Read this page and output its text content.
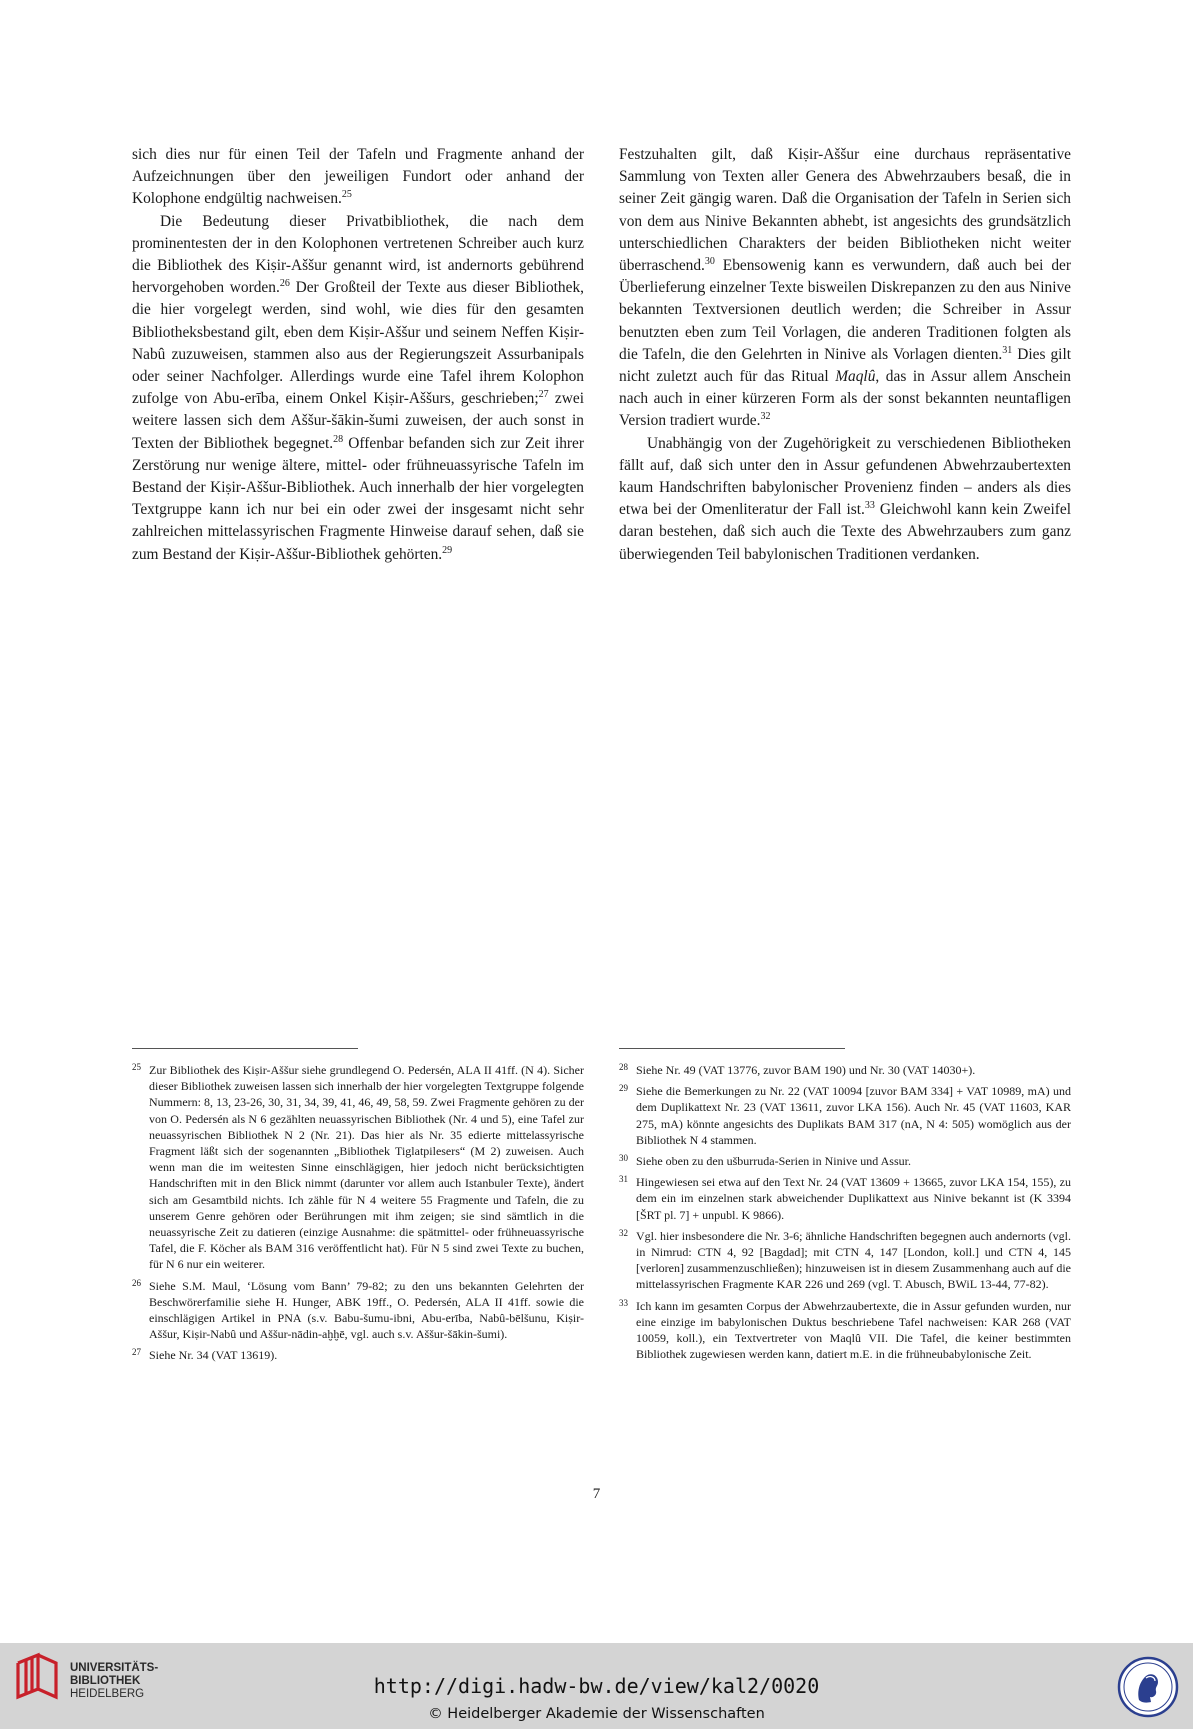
sich dies nur für einen Teil der Tafeln und Fragmente anhand der Aufzeichnungen über den jeweiligen Fundort oder anhand der Kolophone endgültig nachweisen.$^{25}$

Die Bedeutung dieser Privatbibliothek, die nach dem prominentesten der in den Kolophonen vertretenen Schreiber auch kurz die Bibliothek des Kiṣir-Aššur genannt wird, ist andernorts gebührend hervorgehoben worden.$^{26}$ Der Großteil der Texte aus dieser Bibliothek, die hier vorgelegt werden, sind wohl, wie dies für den gesamten Bibliotheksbestand gilt, eben dem Kiṣir-Aššur und seinem Neffen Kiṣir-Nabû zuzuweisen, stammen also aus der Regierungszeit Assurbanipals oder seiner Nachfolger. Allerdings wurde eine Tafel ihrem Kolophon zufolge von Abu-erība, einem Onkel Kiṣir-Aššurs, geschrieben;$^{27}$ zwei weitere lassen sich dem Aššur-šākin-šumi zuweisen, der auch sonst in Texten der Bibliothek begegnet.$^{28}$ Offenbar befanden sich zur Zeit ihrer Zerstörung nur wenige ältere, mittel- oder frühneuassyrische Tafeln im Bestand der Kiṣir-Aššur-Bibliothek. Auch innerhalb der hier vorgelegten Textgruppe kann ich nur bei ein oder zwei der insgesamt nicht sehr zahlreichen mittelassyrischen Fragmente Hinweise darauf sehen, daß sie zum Bestand der Kiṣir-Aššur-Bibliothek gehörten.$^{29}$

Festzuhalten gilt, daß Kiṣir-Aššur eine durchaus repräsentative Sammlung von Texten aller Genera des Abwehrzaubers besaß, die in seiner Zeit gängig waren. Daß die Organisation der Tafeln in Serien sich von dem aus Ninive Bekannten abhebt, ist angesichts des grundsätzlich unterschiedlichen Charakters der beiden Bibliotheken nicht weiter überraschend.$^{30}$ Ebensowenig kann es verwundern, daß auch bei der Überlieferung einzelner Texte bisweilen Diskrepanzen zu den aus Ninive bekannten Textversionen deutlich werden; die Schreiber in Assur benutzten eben zum Teil Vorlagen, die anderen Traditionen folgten als die Tafeln, die den Gelehrten in Ninive als Vorlagen dienten.$^{31}$ Dies gilt nicht zuletzt auch für das Ritual Maqlû, das in Assur allem Anschein nach auch in einer kürzeren Form als der sonst bekannten neuntafligen Version tradiert wurde.$^{32}$

Unabhängig von der Zugehörigkeit zu verschiedenen Bibliotheken fällt auf, daß sich unter den in Assur gefundenen Abwehrzaubertexten kaum Handschriften babylonischer Provenienz finden – anders als dies etwa bei der Omenliteratur der Fall ist.$^{33}$ Gleichwohl kann kein Zweifel daran bestehen, daß sich auch die Texte des Abwehrzaubers zum ganz überwiegenden Teil babylonischen Traditionen verdanken.

25 Zur Bibliothek des Kiṣir-Aššur siehe grundlegend O. Pedersén, ALA II 41ff. (N 4). Sicher dieser Bibliothek zuweisen lassen sich innerhalb der hier vorgelegten Textgruppe folgende Nummern: 8, 13, 23-26, 30, 31, 34, 39, 41, 46, 49, 58, 59. Zwei Fragmente gehören zu der von O. Pedersén als N 6 gezählten neuassyrischen Bibliothek (Nr. 4 und 5), eine Tafel zur neuassyrischen Bibliothek N 2 (Nr. 21). Das hier als Nr. 35 edierte mittelassyrische Fragment läßt sich der sogenannten „Bibliothek Tiglatpilesers“ (M 2) zuweisen. Auch wenn man die im weitesten Sinne einschlägigen, hier jedoch nicht berücksichtigten Handschriften mit in den Blick nimmt (darunter vor allem auch Istanbuler Texte), ändert sich am Gesamtbild nichts. Ich zähle für N 4 weitere 55 Fragmente und Tafeln, die zu unserem Genre gehören oder Berührungen mit ihm zeigen; sie sind sämtlich in die neuassyrische Zeit zu datieren (einzige Ausnahme: die spätmittel- oder frühneuassyrische Tafel, die F. Köcher als BAM 316 veröffentlicht hat). Für N 5 sind zwei Texte zu buchen, für N 6 nur ein weiterer.
26 Siehe S.M. Maul, ‘Lösung vom Bann’ 79-82; zu den uns bekannten Gelehrten der Beschwörerfamilie siehe H. Hunger, ABK 19ff., O. Pedersén, ALA II 41ff. sowie die einschlägigen Artikel in PNA (s.v. Babu-šumu-ibni, Abu-erība, Nabû-bēlšunu, Kiṣir-Aššur, Kiṣir-Nabû und Aššur-nādin-aḫḫē, vgl. auch s.v. Aššur-šākin-šumi).
27 Siehe Nr. 34 (VAT 13619).
28 Siehe Nr. 49 (VAT 13776, zuvor BAM 190) und Nr. 30 (VAT 14030+).
29 Siehe die Bemerkungen zu Nr. 22 (VAT 10094 [zuvor BAM 334] + VAT 10989, mA) und dem Duplikattext Nr. 23 (VAT 13611, zuvor LKA 156). Auch Nr. 45 (VAT 11603, KAR 275, mA) könnte angesichts des Duplikats BAM 317 (nA, N 4: 505) womöglich aus der Bibliothek N 4 stammen.
30 Siehe oben zu den ušburruda-Serien in Ninive und Assur.
31 Hingewiesen sei etwa auf den Text Nr. 24 (VAT 13609 + 13665, zuvor LKA 154, 155), zu dem ein im einzelnen stark abweichender Duplikattext aus Ninive bekannt ist (K 3394 [ŠRT pl. 7] + unpubl. K 9866).
32 Vgl. hier insbesondere die Nr. 3-6; ähnliche Handschriften begegnen auch andernorts (vgl. in Nimrud: CTN 4, 92 [Bagdad]; mit CTN 4, 147 [London, koll.] und CTN 4, 145 [verloren] zusammenzuschließen); hinzuweisen ist in diesem Zusammenhang auch auf die mittelassyrischen Fragmente KAR 226 und 269 (vgl. T. Abusch, BWiL 13-44, 77-82).
33 Ich kann im gesamten Corpus der Abwehrzaubertexte, die in Assur gefunden wurden, nur eine einzige im babylonischen Duktus beschriebene Tafel nachweisen: KAR 268 (VAT 10059, koll.), ein Textvertreter von Maqlû VII. Die Tafel, die keiner bestimmten Bibliothek zugewiesen werden kann, datiert m.E. in die frühneubabylonische Zeit.
7
UNIVERSITÄTS-
BIBLIOTHEK
HEIDELBERG	http://digi.hadw-bw.de/view/kal2/0020
© Heidelberger Akademie der Wissenschaften
